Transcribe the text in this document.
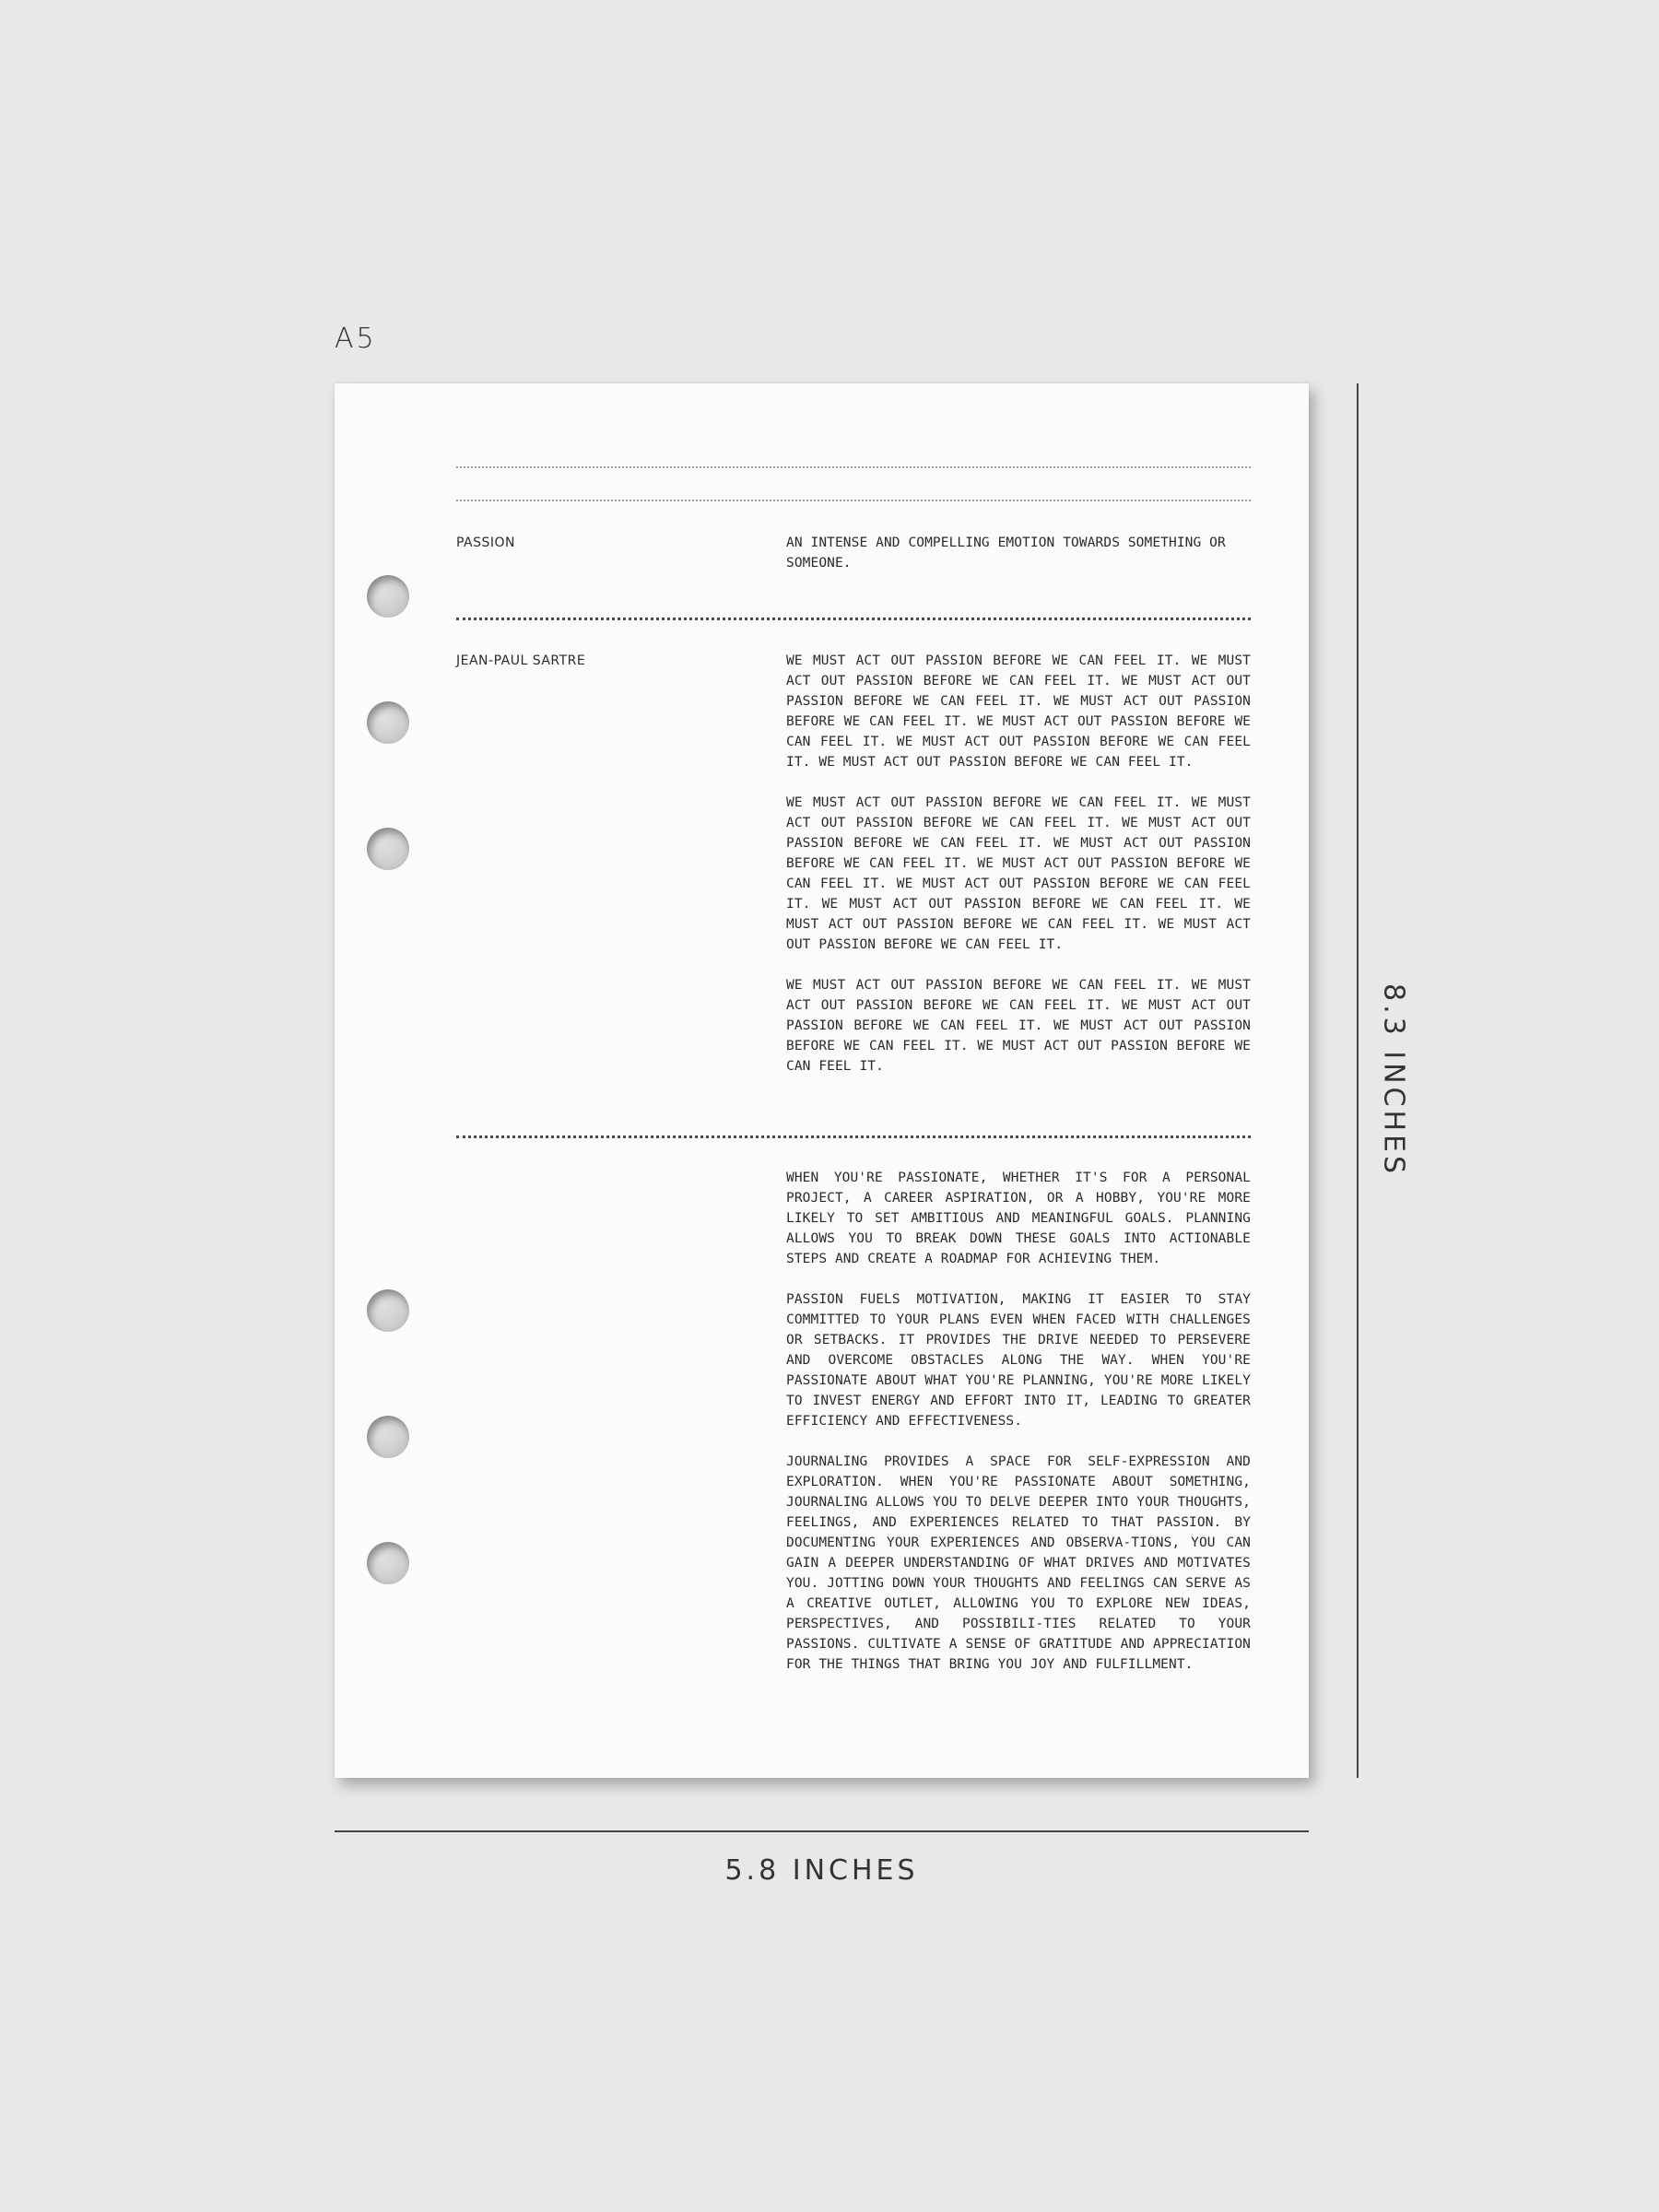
A5
PASSION	AN INTENSE AND COMPELLING EMOTION TOWARDS SOMETHING OR SOMEONE.

JEAN-PAUL SARTRE	WE MUST ACT OUT PASSION BEFORE WE CAN FEEL IT. WE MUST ACT OUT PASSION BEFORE WE CAN FEEL IT. WE MUST ACT OUT PASSION BEFORE WE CAN FEEL IT. WE MUST ACT OUT PASSION BEFORE WE CAN FEEL IT. WE MUST ACT OUT PASSION BEFORE WE CAN FEEL IT. WE MUST ACT OUT PASSION BEFORE WE CAN FEEL IT. WE MUST ACT OUT PASSION BEFORE WE CAN FEEL IT.

WE MUST ACT OUT PASSION BEFORE WE CAN FEEL IT. WE MUST ACT OUT PASSION BEFORE WE CAN FEEL IT. WE MUST ACT OUT PASSION BEFORE WE CAN FEEL IT. WE MUST ACT OUT PASSION BEFORE WE CAN FEEL IT. WE MUST ACT OUT PASSION BEFORE WE CAN FEEL IT. WE MUST ACT OUT PASSION BEFORE WE CAN FEEL IT. WE MUST ACT OUT PASSION BEFORE WE CAN FEEL IT. WE MUST ACT OUT PASSION BEFORE WE CAN FEEL IT. WE MUST ACT OUT PASSION BEFORE WE CAN FEEL IT.

WE MUST ACT OUT PASSION BEFORE WE CAN FEEL IT. WE MUST ACT OUT PASSION BEFORE WE CAN FEEL IT. WE MUST ACT OUT PASSION BEFORE WE CAN FEEL IT. WE MUST ACT OUT PASSION BEFORE WE CAN FEEL IT. WE MUST ACT OUT PASSION BEFORE WE CAN FEEL IT.

WHEN YOU'RE PASSIONATE, WHETHER IT'S FOR A PERSONAL PROJECT, A CAREER ASPIRATION, OR A HOBBY, YOU'RE MORE LIKELY TO SET AMBITIOUS AND MEANINGFUL GOALS. PLANNING ALLOWS YOU TO BREAK DOWN THESE GOALS INTO ACTIONABLE STEPS AND CREATE A ROADMAP FOR ACHIEVING THEM.

PASSION FUELS MOTIVATION, MAKING IT EASIER TO STAY COMMITTED TO YOUR PLANS EVEN WHEN FACED WITH CHALLENGES OR SETBACKS. IT PROVIDES THE DRIVE NEEDED TO PERSEVERE AND OVERCOME OBSTACLES ALONG THE WAY. WHEN YOU'RE PASSIONATE ABOUT WHAT YOU'RE PLANNING, YOU'RE MORE LIKELY TO INVEST ENERGY AND EFFORT INTO IT, LEADING TO GREATER EFFICIENCY AND EFFECTIVENESS.

JOURNALING PROVIDES A SPACE FOR SELF-EXPRESSION AND EXPLORATION. WHEN YOU'RE PASSIONATE ABOUT SOMETHING, JOURNALING ALLOWS YOU TO DELVE DEEPER INTO YOUR THOUGHTS, FEELINGS, AND EXPERIENCES RELATED TO THAT PASSION. BY DOCUMENTING YOUR EXPERIENCES AND OBSERVA-TIONS, YOU CAN GAIN A DEEPER UNDERSTANDING OF WHAT DRIVES AND MOTIVATES YOU. JOTTING DOWN YOUR THOUGHTS AND FEELINGS CAN SERVE AS A CREATIVE OUTLET, ALLOWING YOU TO EXPLORE NEW IDEAS, PERSPECTIVES, AND POSSIBILI-TIES RELATED TO YOUR PASSIONS. CULTIVATE A SENSE OF GRATITUDE AND APPRECIATION FOR THE THINGS THAT BRING YOU JOY AND FULFILLMENT.

8.3 INCHES
5.8 INCHES
